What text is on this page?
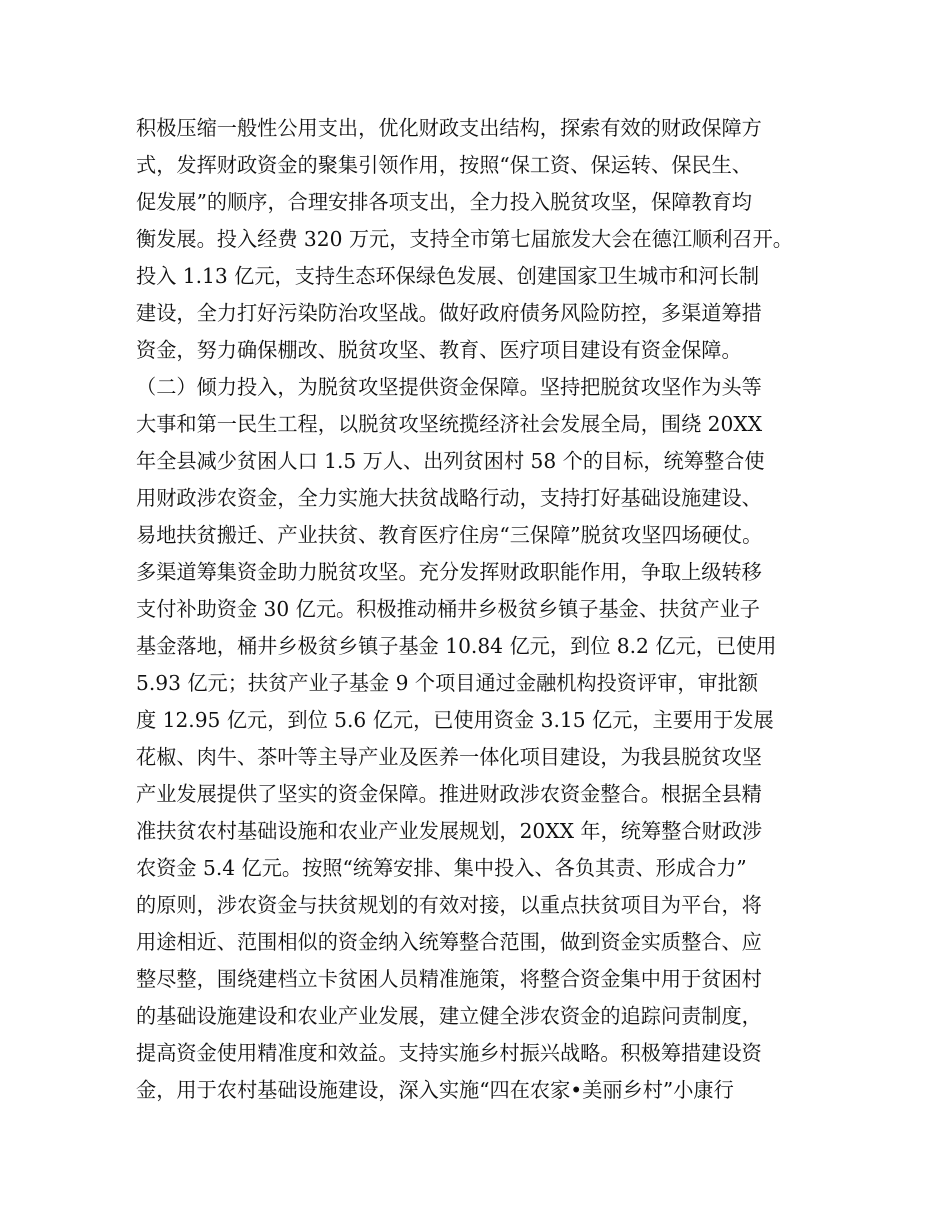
积极压缩一般性公用支出，优化财政支出结构，探索有效的财政保障方
式，发挥财政资金的聚集引领作用，按照“保工资、保运转、保民生、
促发展”的顺序，合理安排各项支出，全力投入脱贫攻坚，保障教育均
衡发展。投入经费 320 万元，支持全市第七届旅发大会在德江顺利召开。
投入 1.13 亿元，支持生态环保绿色发展、创建国家卫生城市和河长制
建设，全力打好污染防治攻坚战。做好政府债务风险防控，多渠道筹措
资金，努力确保棚改、脱贫攻坚、教育、医疗项目建设有资金保障。
（二）倾力投入，为脱贫攻坚提供资金保障。坚持把脱贫攻坚作为头等
大事和第一民生工程，以脱贫攻坚统揽经济社会发展全局，围绕 20XX
年全县减少贫困人口 1.5 万人、出列贫困村 58 个的目标，统筹整合使
用财政涉农资金，全力实施大扶贫战略行动，支持打好基础设施建设、
易地扶贫搬迁、产业扶贫、教育医疗住房“三保障”脱贫攻坚四场硬仗。
多渠道筹集资金助力脱贫攻坚。充分发挥财政职能作用，争取上级转移
支付补助资金 30 亿元。积极推动桶井乡极贫乡镇子基金、扶贫产业子
基金落地，桶井乡极贫乡镇子基金 10.84 亿元，到位 8.2 亿元，已使用
5.93 亿元；扶贫产业子基金 9 个项目通过金融机构投资评审，审批额
度 12.95 亿元，到位 5.6 亿元，已使用资金 3.15 亿元，主要用于发展
花椒、肉牛、茶叶等主导产业及医养一体化项目建设，为我县脱贫攻坚
产业发展提供了坚实的资金保障。推进财政涉农资金整合。根据全县精
准扶贫农村基础设施和农业产业发展规划，20XX 年，统筹整合财政涉
农资金 5.4 亿元。按照“统筹安排、集中投入、各负其责、形成合力”
的原则，涉农资金与扶贫规划的有效对接，以重点扶贫项目为平台，将
用途相近、范围相似的资金纳入统筹整合范围，做到资金实质整合、应
整尽整，围绕建档立卡贫困人员精准施策，将整合资金集中用于贫困村
的基础设施建设和农业产业发展，建立健全涉农资金的追踪问责制度，
提高资金使用精准度和效益。支持实施乡村振兴战略。积极筹措建设资
金，用于农村基础设施建设，深入实施“四在农家•美丽乡村”小康行
